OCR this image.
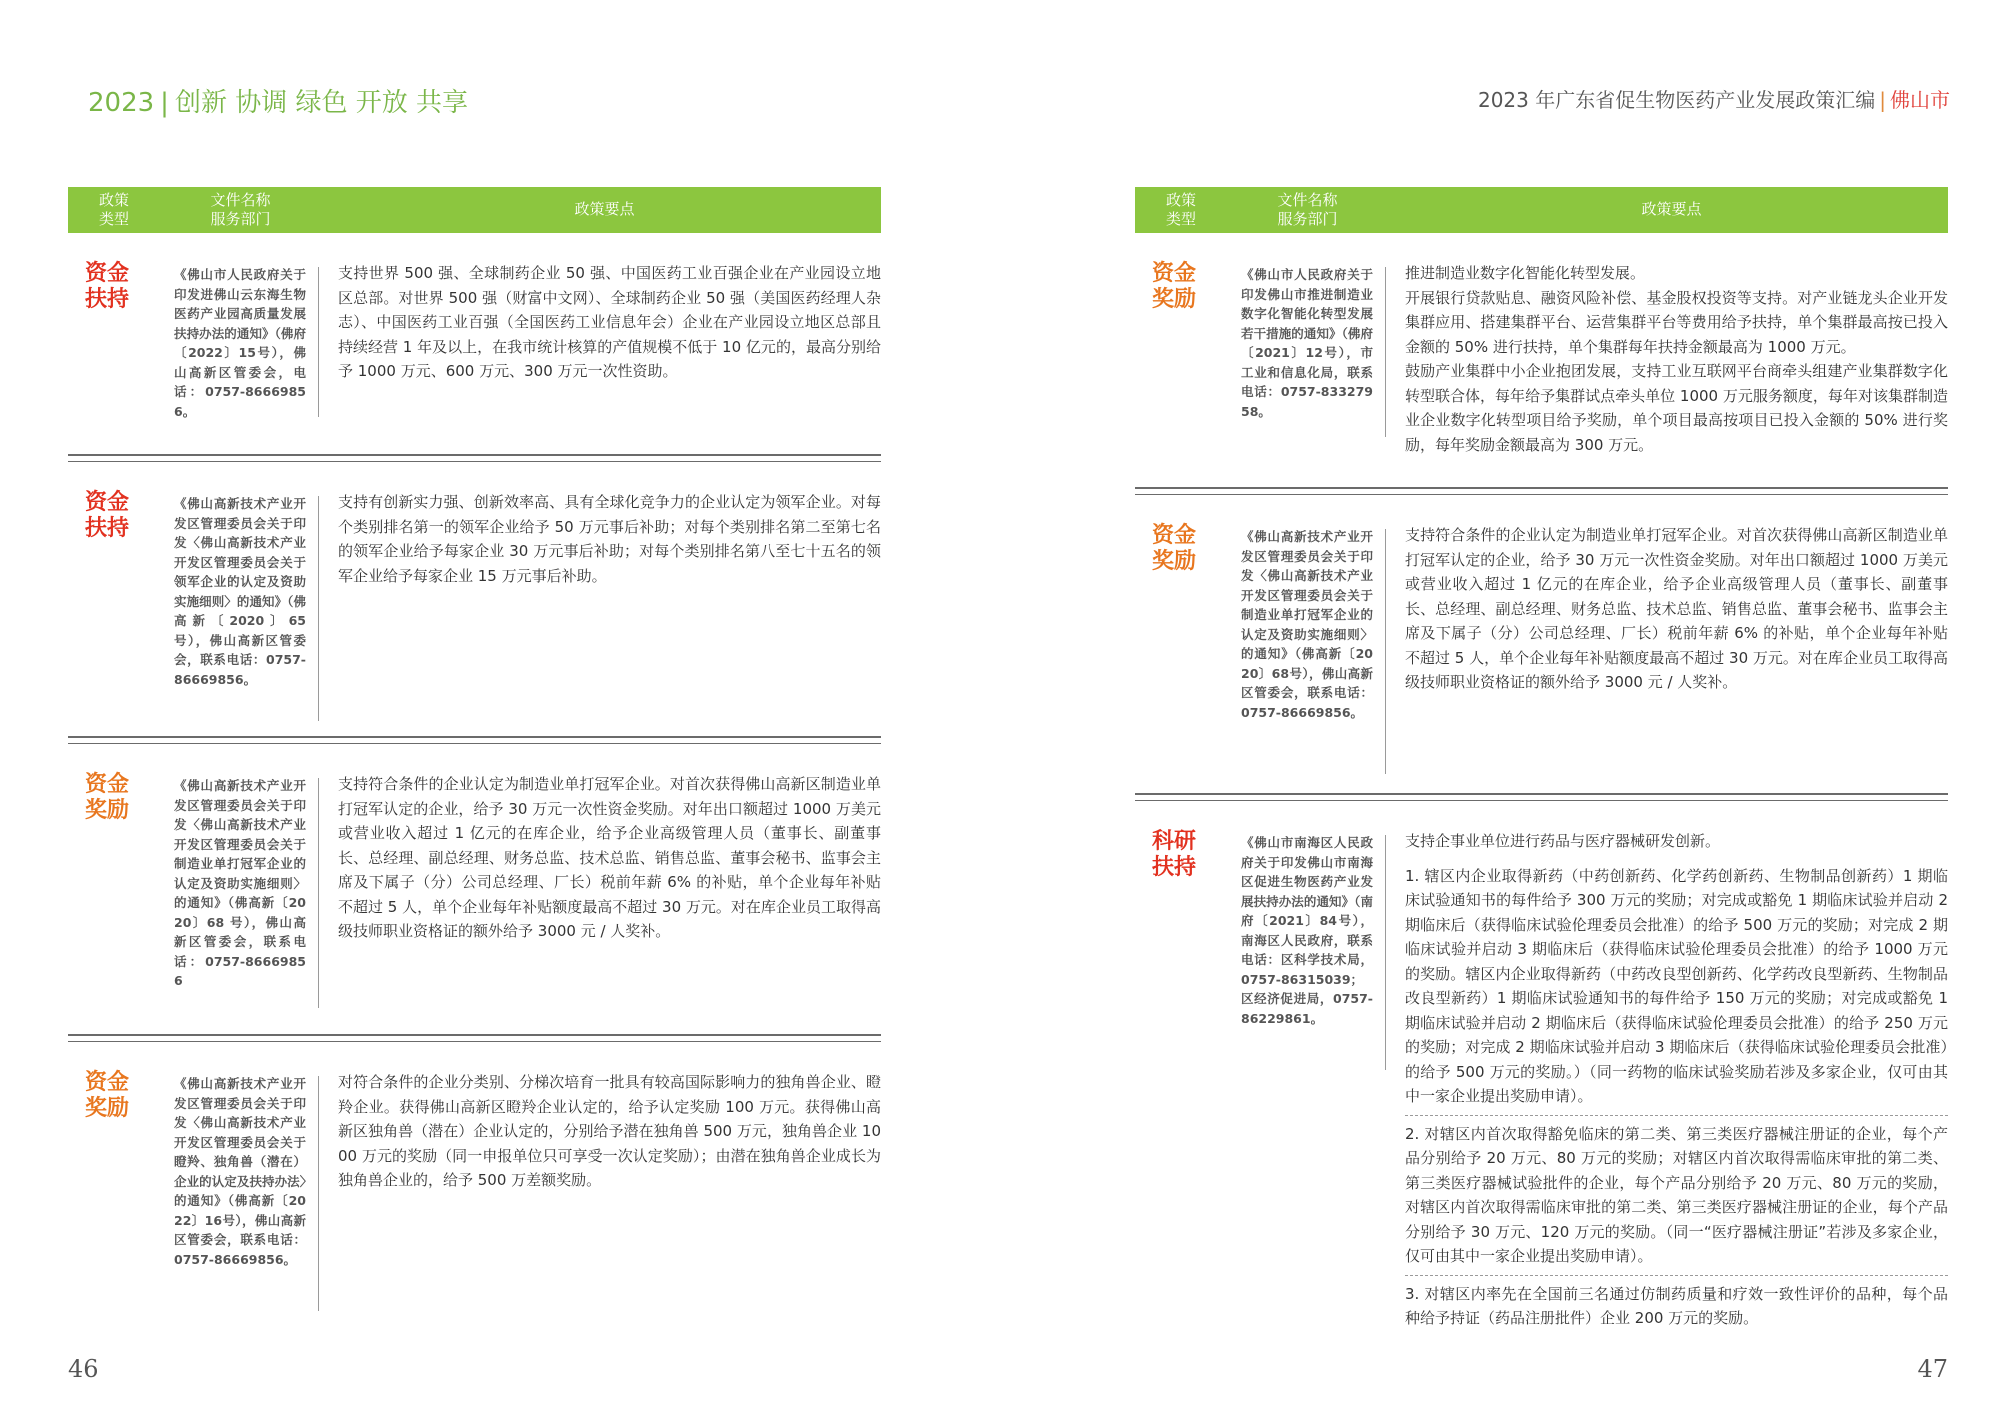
2023 | 创新 协调 绿色 开放 共享	2023 年广东省促生物医药产业发展政策汇编 | 佛山市
政策
类型
文件名称
服务部门
政策要点
资金扶持
《佛山市人民政府关于印发进佛山云东海生物医药产业园高质量发展扶持办法的通知》（佛府〔2022〕15号），佛山高新区管委会，电话：0757-86669856。

支持世界 500 强、全球制药企业 50 强、中国医药工业百强企业在产业园设立地区总部。对世界 500 强（财富中文网）、全球制药企业 50 强（美国医药经理人杂志）、中国医药工业百强（全国医药工业信息年会）企业在产业园设立地区总部且持续经营 1 年及以上，在我市统计核算的产值规模不低于 10 亿元的，最高分别给予 1000 万元、600 万元、300 万元一次性资助。

资金扶持
《佛山高新技术产业开发区管理委员会关于印发〈佛山高新技术产业开发区管理委员会关于领军企业的认定及资助实施细则〉的通知》（佛高新〔2020〕65 号），佛山高新区管委会，联系电话：0757-86669856。

支持有创新实力强、创新效率高、具有全球化竞争力的企业认定为领军企业。对每个类别排名第一的领军企业给予 50 万元事后补助；对每个类别排名第二至第七名的领军企业给予每家企业 30 万元事后补助；对每个类别排名第八至七十五名的领军企业给予每家企业 15 万元事后补助。

资金奖励
《佛山高新技术产业开发区管理委员会关于印发〈佛山高新技术产业开发区管理委员会关于制造业单打冠军企业的认定及资助实施细则〉的通知》（佛高新〔2020〕68 号），佛山高新区管委会，联系电话：0757-86669856

支持符合条件的企业认定为制造业单打冠军企业。对首次获得佛山高新区制造业单打冠军认定的企业，给予 30 万元一次性资金奖励。对年出口额超过 1000 万美元或营业收入超过 1 亿元的在库企业，给予企业高级管理人员（董事长、副董事长、总经理、副总经理、财务总监、技术总监、销售总监、董事会秘书、监事会主席及下属子（分）公司总经理、厂长）税前年薪 6% 的补贴，单个企业每年补贴不超过 5 人，单个企业每年补贴额度最高不超过 30 万元。对在库企业员工取得高级技师职业资格证的额外给予 3000 元 / 人奖补。

资金奖励
《佛山高新技术产业开发区管理委员会关于印发〈佛山高新技术产业开发区管理委员会关于瞪羚、独角兽（潜在）企业的认定及扶持办法〉的通知》（佛高新〔2022〕16号），佛山高新区管委会，联系电话：0757-86669856。

对符合条件的企业分类别、分梯次培育一批具有较高国际影响力的独角兽企业、瞪羚企业。获得佛山高新区瞪羚企业认定的，给予认定奖励 100 万元。获得佛山高新区独角兽（潜在）企业认定的，分别给予潜在独角兽 500 万元，独角兽企业 1000 万元的奖励（同一申报单位只可享受一次认定奖励）；由潜在独角兽企业成长为独角兽企业的，给予 500 万差额奖励。

政策
类型
文件名称
服务部门
政策要点
资金奖励
《佛山市人民政府关于印发佛山市推进制造业数字化智能化转型发展若干措施的通知》（佛府〔2021〕12号），市工业和信息化局，联系电话：0757-83327958。

推进制造业数字化智能化转型发展。

开展银行贷款贴息、融资风险补偿、基金股权投资等支持。对产业链龙头企业开发集群应用、搭建集群平台、运营集群平台等费用给予扶持，单个集群最高按已投入金额的 50% 进行扶持，单个集群每年扶持金额最高为 1000 万元。

鼓励产业集群中小企业抱团发展，支持工业互联网平台商牵头组建产业集群数字化转型联合体，每年给予集群试点牵头单位 1000 万元服务额度，每年对该集群制造业企业数字化转型项目给予奖励，单个项目最高按项目已投入金额的 50% 进行奖励，每年奖励金额最高为 300 万元。

资金奖励
《佛山高新技术产业开发区管理委员会关于印发〈佛山高新技术产业开发区管理委员会关于制造业单打冠军企业的认定及资助实施细则〉的通知》（佛高新〔2020〕68号），佛山高新区管委会，联系电话：0757-86669856。

支持符合条件的企业认定为制造业单打冠军企业。对首次获得佛山高新区制造业单打冠军认定的企业，给予 30 万元一次性资金奖励。对年出口额超过 1000 万美元或营业收入超过 1 亿元的在库企业，给予企业高级管理人员（董事长、副董事长、总经理、副总经理、财务总监、技术总监、销售总监、董事会秘书、监事会主席及下属子（分）公司总经理、厂长）税前年薪 6% 的补贴，单个企业每年补贴不超过 5 人，单个企业每年补贴额度最高不超过 30 万元。对在库企业员工取得高级技师职业资格证的额外给予 3000 元 / 人奖补。

科研扶持
《佛山市南海区人民政府关于印发佛山市南海区促进生物医药产业发展扶持办法的通知》（南府〔2021〕84号），南海区人民政府，联系电话：区科学技术局，0757-86315039；区经济促进局，0757-86229861。

支持企事业单位进行药品与医疗器械研发创新。

1. 辖区内企业取得新药（中药创新药、化学药创新药、生物制品创新药）1 期临床试验通知书的每件给予 300 万元的奖励；对完成或豁免 1 期临床试验并启动 2 期临床后（获得临床试验伦理委员会批准）的给予 500 万元的奖励；对完成 2 期临床试验并启动 3 期临床后（获得临床试验伦理委员会批准）的给予 1000 万元的奖励。辖区内企业取得新药（中药改良型创新药、化学药改良型新药、生物制品改良型新药）1 期临床试验通知书的每件给予 150 万元的奖励；对完成或豁免 1 期临床试验并启动 2 期临床后（获得临床试验伦理委员会批准）的给予 250 万元的奖励；对完成 2 期临床试验并启动 3 期临床后（获得临床试验伦理委员会批准）的给予 500 万元的奖励。）（同一药物的临床试验奖励若涉及多家企业，仅可由其中一家企业提出奖励申请）。

2. 对辖区内首次取得豁免临床的第二类、第三类医疗器械注册证的企业，每个产品分别给予 20 万元、80 万元的奖励；对辖区内首次取得需临床审批的第二类、第三类医疗器械试验批件的企业，每个产品分别给予 20 万元、80 万元的奖励，对辖区内首次取得需临床审批的第二类、第三类医疗器械注册证的企业，每个产品分别给予 30 万元、120 万元的奖励。（同一“医疗器械注册证”若涉及多家企业，仅可由其中一家企业提出奖励申请）。

3. 对辖区内率先在全国前三名通过仿制药质量和疗效一致性评价的品种，每个品种给予持证（药品注册批件）企业 200 万元的奖励。

46	47
